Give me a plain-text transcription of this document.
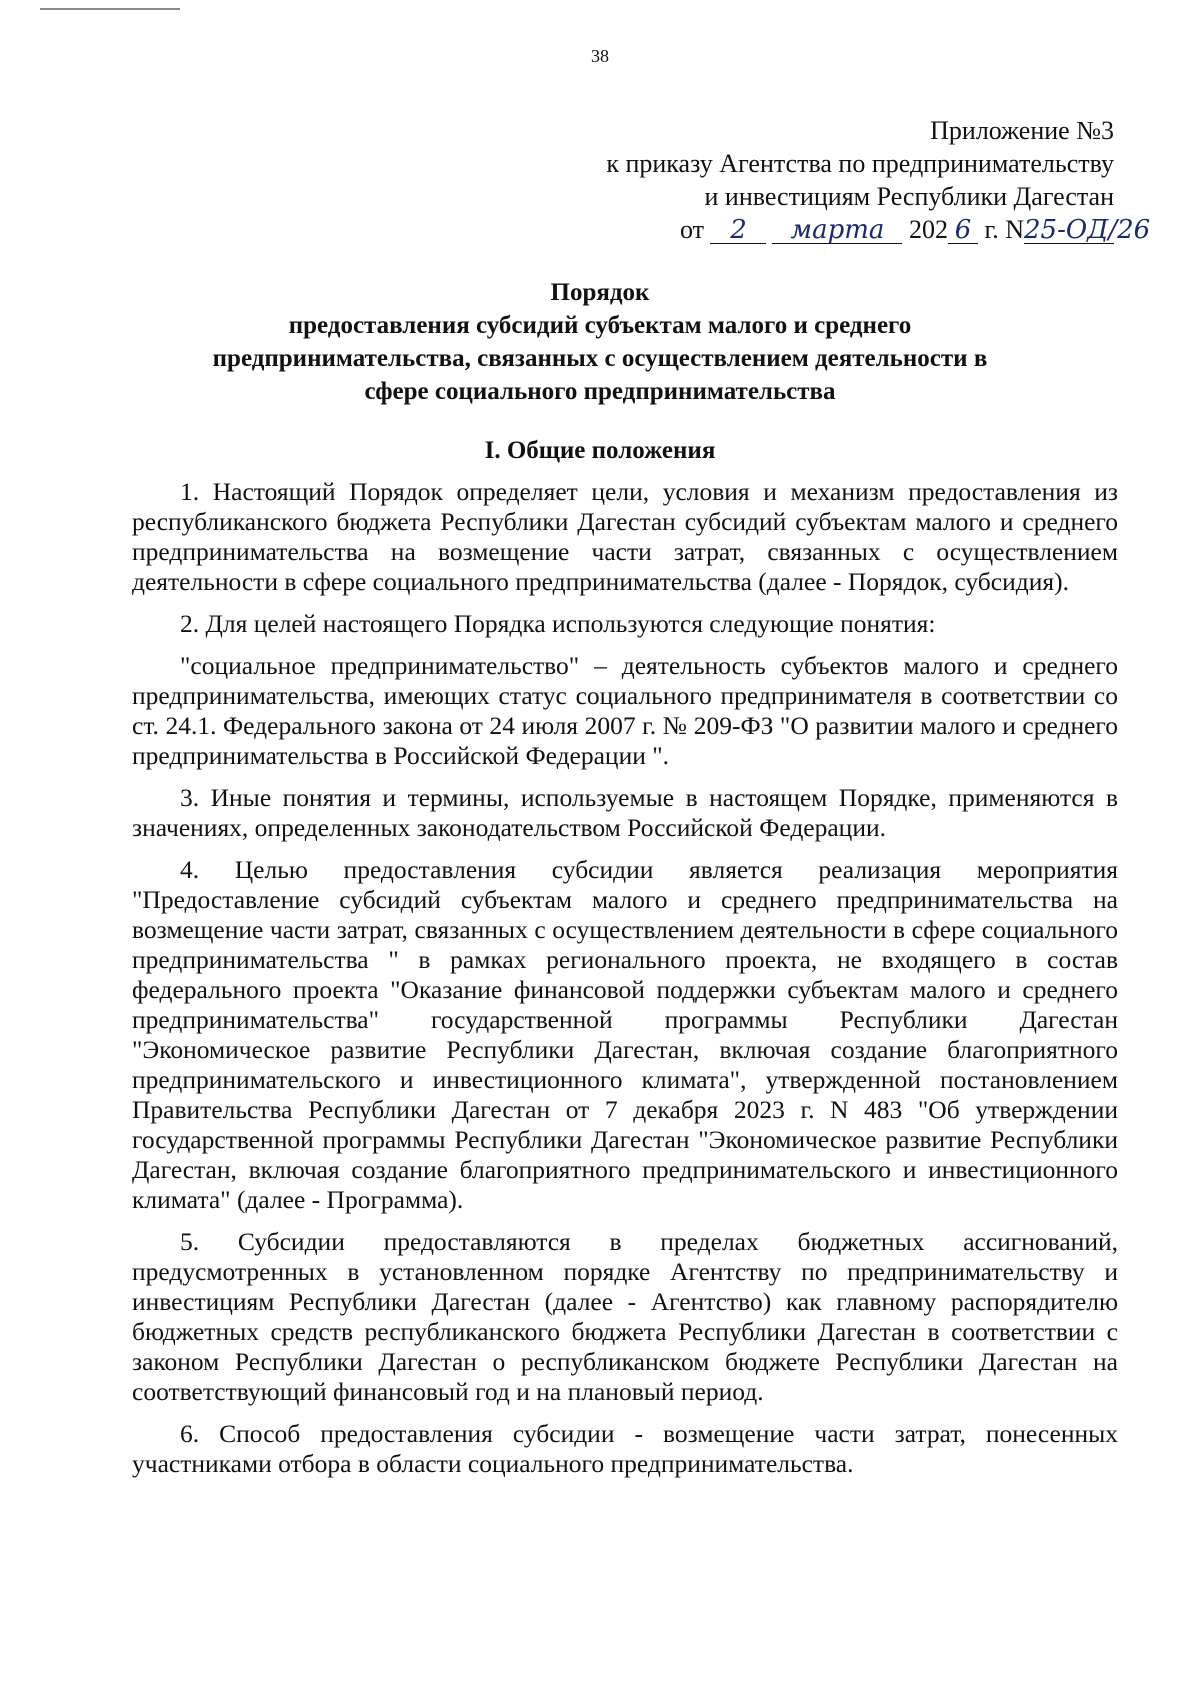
38
Приложение №3
к приказу Агентства по предпринимательству
и инвестициям Республики Дагестан
от 2 марта 202 6 г. N25-ОД/26
Порядок
предоставления субсидий субъектам малого и среднего
предпринимательства, связанных с осуществлением деятельности в
сфере социального предпринимательства
I. Общие положения

1. Настоящий Порядок определяет цели, условия и механизм предоставления из республиканского бюджета Республики Дагестан субсидий субъектам малого и среднего предпринимательства на возмещение части затрат, связанных с осуществлением деятельности в сфере социального предпринимательства (далее - Порядок, субсидия).

2. Для целей настоящего Порядка используются следующие понятия:

"социальное предпринимательство" – деятельность субъектов малого и среднего предпринимательства, имеющих статус социального предпринимателя в соответствии со ст. 24.1. Федерального закона от 24 июля 2007 г. № 209-ФЗ "О развитии малого и среднего предпринимательства в Российской Федерации ".

3. Иные понятия и термины, используемые в настоящем Порядке, применяются в значениях, определенных законодательством Российской Федерации.

4. Целью предоставления субсидии является реализация мероприятия "Предоставление субсидий субъектам малого и среднего предпринимательства на возмещение части затрат, связанных с осуществлением деятельности в сфере социального предпринимательства " в рамках регионального проекта, не входящего в состав федерального проекта "Оказание финансовой поддержки субъектам малого и среднего предпринимательства" государственной программы Республики Дагестан "Экономическое развитие Республики Дагестан, включая создание благоприятного предпринимательского и инвестиционного климата", утвержденной постановлением Правительства Республики Дагестан от 7 декабря 2023 г. N 483 "Об утверждении государственной программы Республики Дагестан "Экономическое развитие Республики Дагестан, включая создание благоприятного предпринимательского и инвестиционного климата" (далее - Программа).

5. Субсидии предоставляются в пределах бюджетных ассигнований, предусмотренных в установленном порядке Агентству по предпринимательству и инвестициям Республики Дагестан (далее - Агентство) как главному распорядителю бюджетных средств республиканского бюджета Республики Дагестан в соответствии с законом Республики Дагестан о республиканском бюджете Республики Дагестан на соответствующий финансовый год и на плановый период.

6. Способ предоставления субсидии - возмещение части затрат, понесенных участниками отбора в области социального предпринимательства.
